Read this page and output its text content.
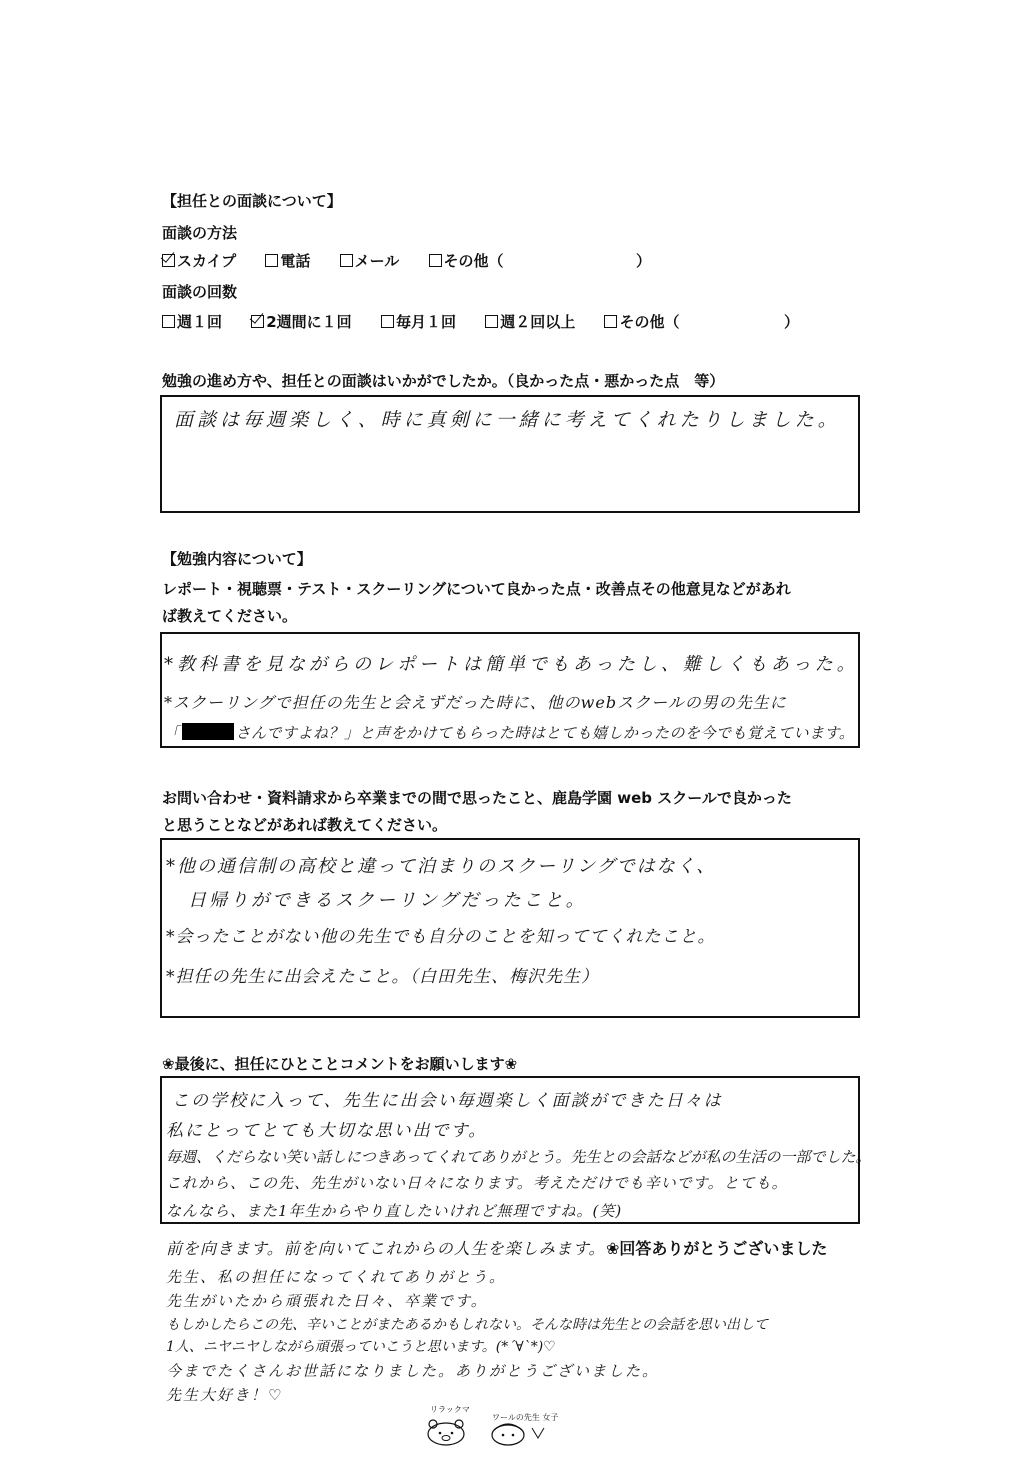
【担任との面談について】
面談の方法
スカイプ	電話	メール	その他（	）
面談の回数
週１回	2週間に１回	毎月１回	週２回以上	その他（	）
勉強の進め方や、担任との面談はいかがでしたか。（良かった点・悪かった点　等）
面談は毎週楽しく、時に真剣に一緒に考えてくれたりしました。
【勉強内容について】
レポート・視聴票・テスト・スクーリングについて良かった点・改善点その他意見などがあれ
ば教えてください。
*教科書を見ながらのレポートは簡単でもあったし、難しくもあった。
*スクーリングで担任の先生と会えずだった時に、他のwebスクールの男の先生に
「	さんですよね？」と声をかけてもらった時はとても嬉しかったのを今でも覚えています。
お問い合わせ・資料請求から卒業までの間で思ったこと、鹿島学園 web スクールで良かった
と思うことなどがあれば教えてください。
*他の通信制の高校と違って泊まりのスクーリングではなく、
日帰りができるスクーリングだったこと。
*会ったことがない他の先生でも自分のことを知っててくれたこと。
*担任の先生に出会えたこと。（白田先生、梅沢先生）
❀最後に、担任にひとことコメントをお願いします❀
この学校に入って、先生に出会い毎週楽しく面談ができた日々は
私にとってとても大切な思い出です。
毎週、くだらない笑い話しにつきあってくれてありがとう。先生との会話などが私の生活の一部でした。
これから、この先、先生がいない日々になります。考えただけでも辛いです。とても。
なんなら、また1年生からやり直したいけれど無理ですね。(笑)
前を向きます。前を向いてこれからの人生を楽しみます。 ❀回答ありがとうございました
先生、私の担任になってくれてありがとう。
先生がいたから頑張れた日々、卒業です。
もしかしたらこの先、辛いことがまたあるかもしれない。そんな時は先生との会話を思い出して
1人、ニヤニヤしながら頑張っていこうと思います。(*´∀`*)♡
今までたくさんお世話になりました。ありがとうございました。
先生大好き！♡
リラックマ
ワールの先生 女子
